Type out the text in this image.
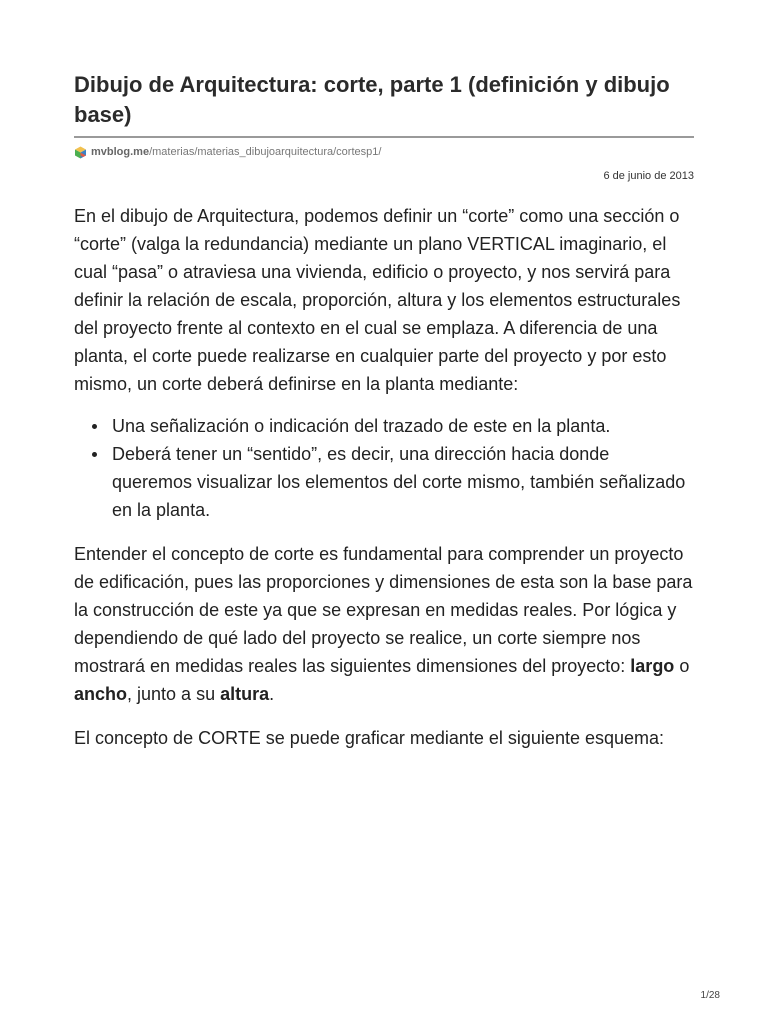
Dibujo de Arquitectura: corte, parte 1 (definición y dibujo base)
mvblog.me/materias/materias_dibujoarquitectura/cortesp1/
6 de junio de 2013

En el dibujo de Arquitectura, podemos definir un “corte” como una sección o “corte” (valga la redundancia) mediante un plano VERTICAL imaginario, el cual “pasa” o atraviesa una vivienda, edificio o proyecto, y nos servirá para definir la relación de escala, proporción, altura y los elementos estructurales del proyecto frente al contexto en el cual se emplaza. A diferencia de una planta, el corte puede realizarse en cualquier parte del proyecto y por esto mismo, un corte deberá definirse en la planta mediante:

Una señalización o indicación del trazado de este en la planta.
Deberá tener un “sentido”, es decir, una dirección hacia donde queremos visualizar los elementos del corte mismo, también señalizado en la planta.

Entender el concepto de corte es fundamental para comprender un proyecto de edificación, pues las proporciones y dimensiones de esta son la base para la construcción de este ya que se expresan en medidas reales. Por lógica y dependiendo de qué lado del proyecto se realice, un corte siempre nos mostrará en medidas reales las siguientes dimensiones del proyecto: largo o ancho, junto a su altura.

El concepto de CORTE se puede graficar mediante el siguiente esquema:

1/28
